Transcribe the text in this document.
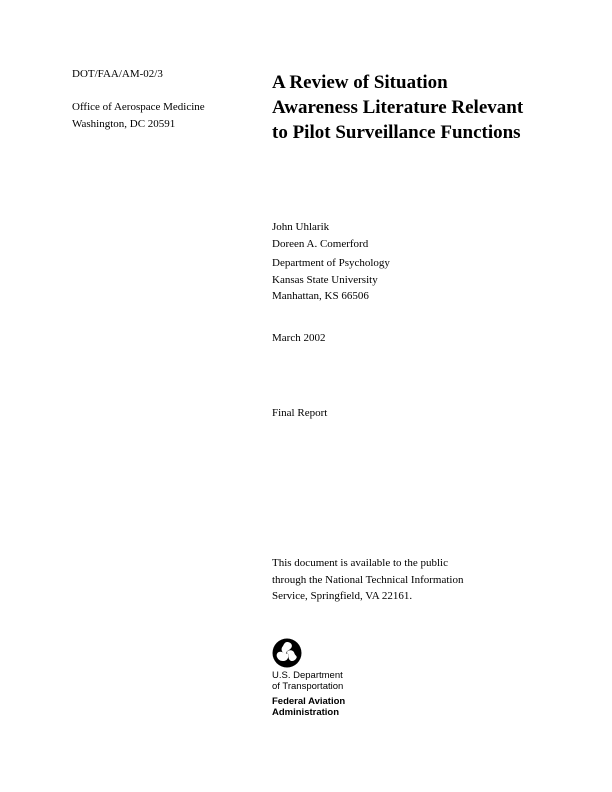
DOT/FAA/AM-02/3
Office of Aerospace Medicine
Washington, DC 20591
A Review of Situation
Awareness Literature Relevant
to Pilot Surveillance Functions
John Uhlarik
Doreen A. Comerford
Department of Psychology
Kansas State University
Manhattan, KS 66506
March 2002
Final Report
This document is available to the public
through the National Technical Information
Service, Springfield, VA 22161.
U.S. Department
of Transportation
Federal Aviation
Administration
